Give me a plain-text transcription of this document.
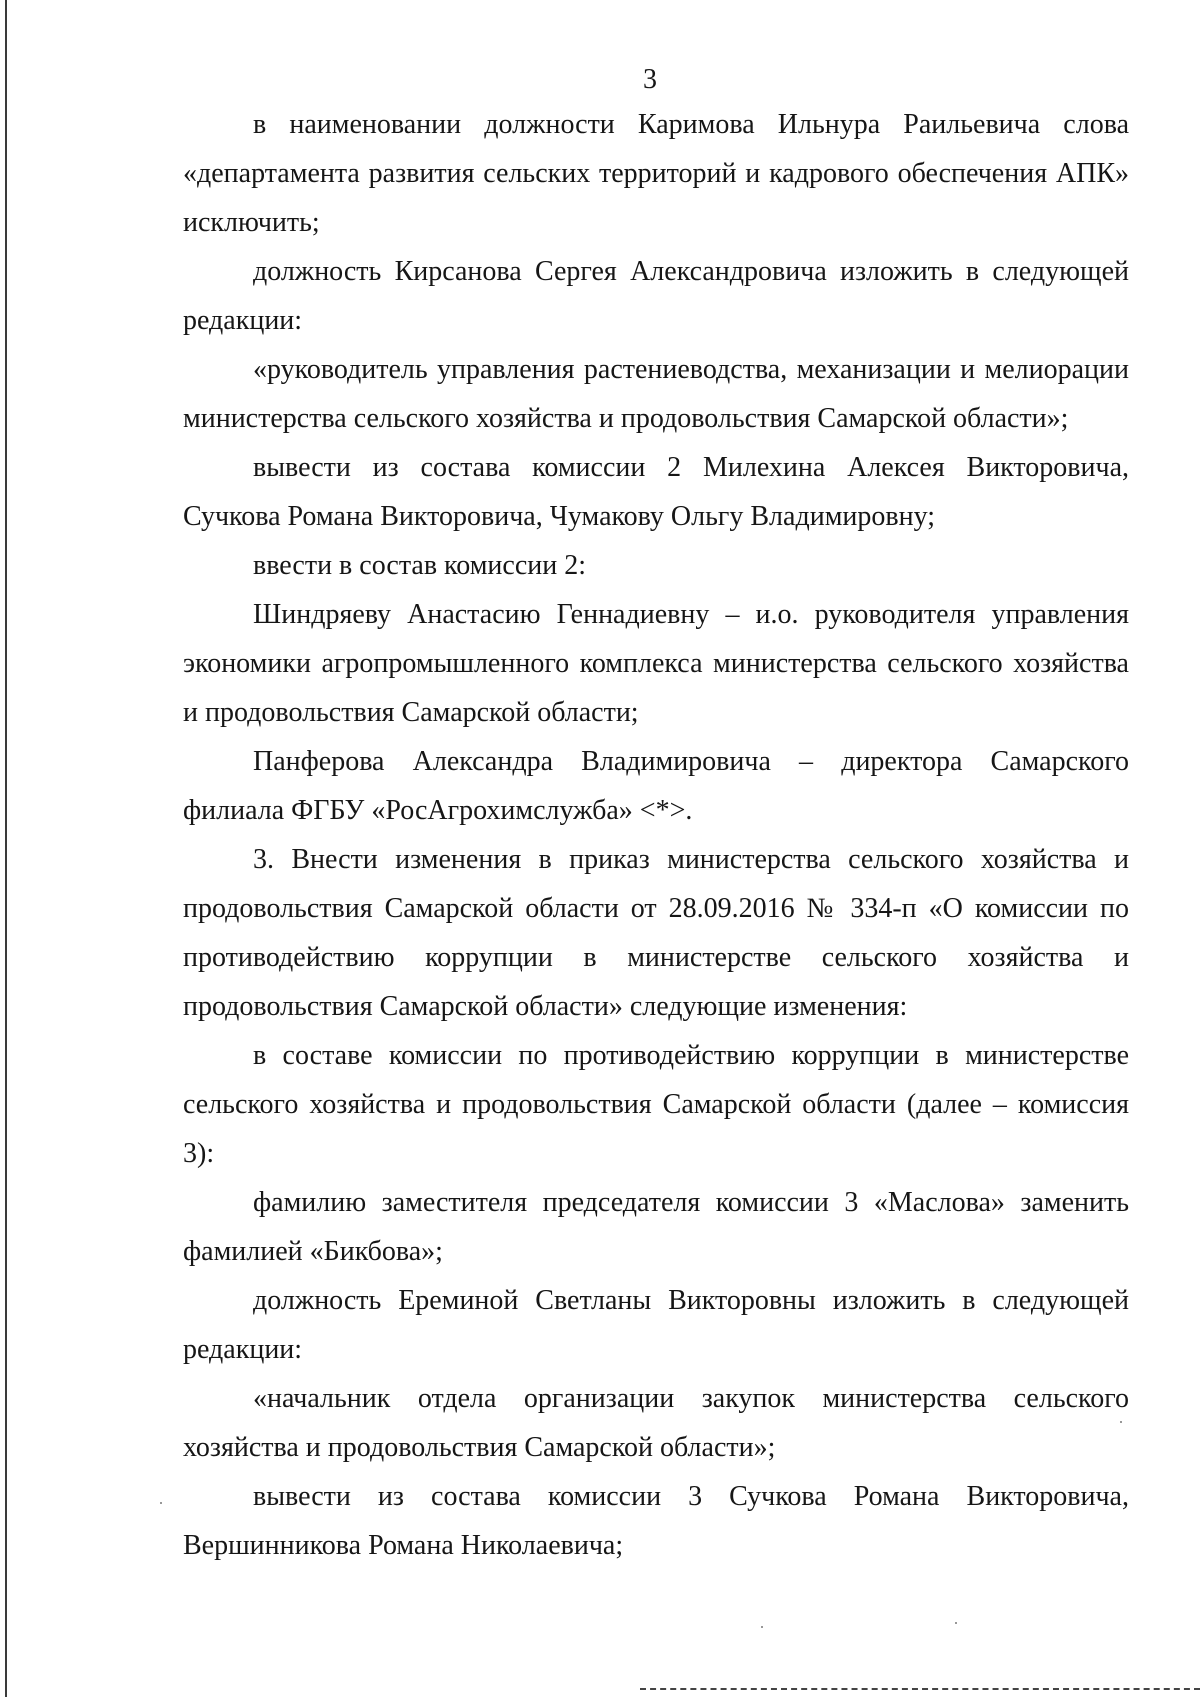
3

в наименовании должности Каримова Ильнура Раильевича слова «департамента развития сельских территорий и кадрового обеспечения АПК» исключить;

должность Кирсанова Сергея Александровича изложить в следующей редакции:

«руководитель управления растениеводства, механизации и мелиорации министерства сельского хозяйства и продовольствия Самарской области»;

вывести из состава комиссии 2 Милехина Алексея Викторовича, Сучкова Романа Викторовича, Чумакову Ольгу Владимировну;

ввести в состав комиссии 2:

Шиндряеву Анастасию Геннадиевну – и.о. руководителя управления экономики агропромышленного комплекса министерства сельского хозяйства и продовольствия Самарской области;

Панферова Александра Владимировича – директора Самарского филиала ФГБУ «РосАгрохимслужба» <*>.

3. Внести изменения в приказ министерства сельского хозяйства и продовольствия Самарской области от 28.09.2016 № 334-п «О комиссии по противодействию коррупции в министерстве сельского хозяйства и продовольствия Самарской области» следующие изменения:

в составе комиссии по противодействию коррупции в министерстве сельского хозяйства и продовольствия Самарской области (далее – комиссия 3):

фамилию заместителя председателя комиссии 3 «Маслова» заменить фамилией «Бикбова»;

должность Ереминой Светланы Викторовны изложить в следующей редакции:

«начальник отдела организации закупок министерства сельского хозяйства и продовольствия Самарской области»;

вывести из состава комиссии 3 Сучкова Романа Викторовича, Вершинникова Романа Николаевича;
